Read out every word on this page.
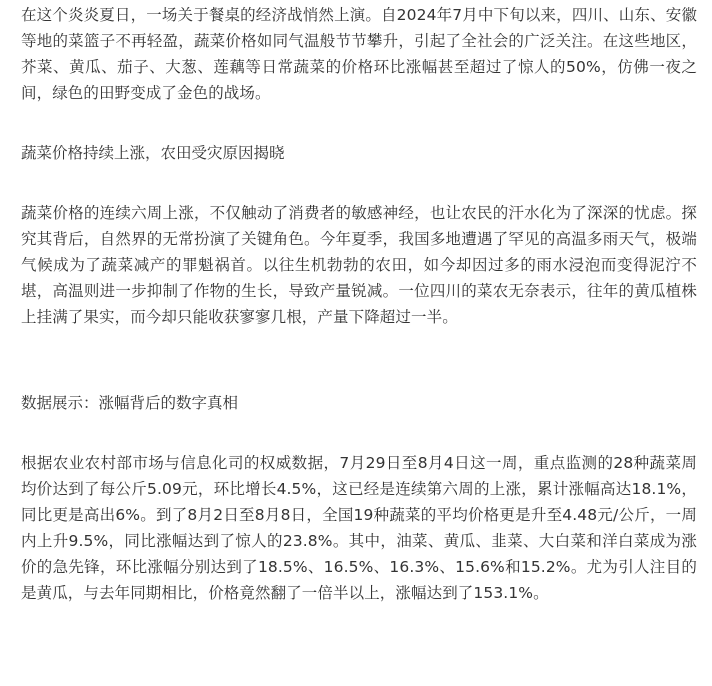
在这个炎炎夏日，一场关于餐桌的经济战悄然上演。自2024年7月中下旬以来，四川、山东、安徽等地的菜篮子不再轻盈，蔬菜价格如同气温般节节攀升，引起了全社会的广泛关注。在这些地区，芥菜、黄瓜、茄子、大葱、莲藕等日常蔬菜的价格环比涨幅甚至超过了惊人的50%，仿佛一夜之间，绿色的田野变成了金色的战场。

蔬菜价格持续上涨，农田受灾原因揭晓

蔬菜价格的连续六周上涨，不仅触动了消费者的敏感神经，也让农民的汗水化为了深深的忧虑。探究其背后，自然界的无常扮演了关键角色。今年夏季，我国多地遭遇了罕见的高温多雨天气，极端气候成为了蔬菜减产的罪魁祸首。以往生机勃勃的农田，如今却因过多的雨水浸泡而变得泥泞不堪，高温则进一步抑制了作物的生长，导致产量锐减。一位四川的菜农无奈表示，往年的黄瓜植株上挂满了果实，而今却只能收获寥寥几根，产量下降超过一半。

数据展示：涨幅背后的数字真相

根据农业农村部市场与信息化司的权威数据，7月29日至8月4日这一周，重点监测的28种蔬菜周均价达到了每公斤5.09元，环比增长4.5%，这已经是连续第六周的上涨，累计涨幅高达18.1%，同比更是高出6%。到了8月2日至8月8日，全国19种蔬菜的平均价格更是升至4.48元/公斤，一周内上升9.5%，同比涨幅达到了惊人的23.8%。其中，油菜、黄瓜、韭菜、大白菜和洋白菜成为涨价的急先锋，环比涨幅分别达到了18.5%、16.5%、16.3%、15.6%和15.2%。尤为引人注目的是黄瓜，与去年同期相比，价格竟然翻了一倍半以上，涨幅达到了153.1%。
